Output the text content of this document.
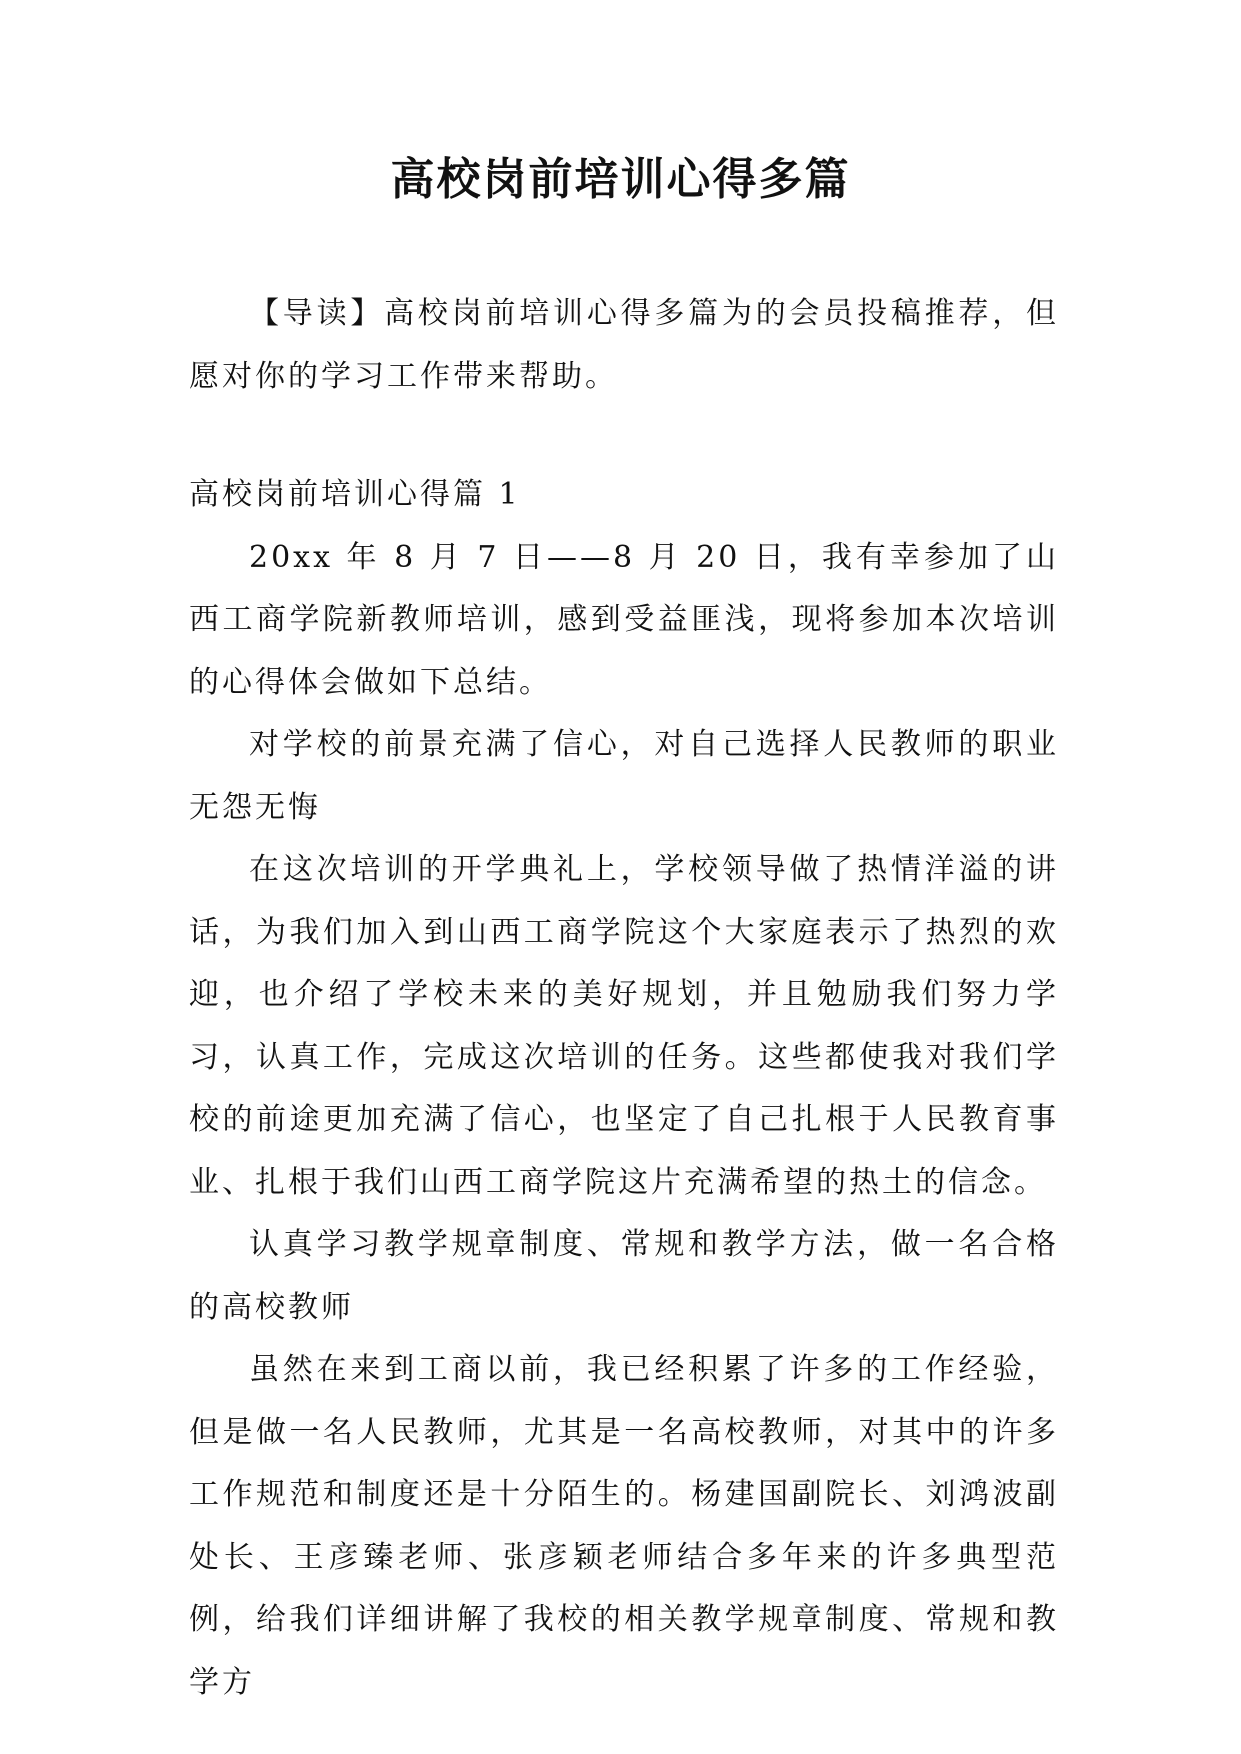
高校岗前培训心得多篇

【导读】高校岗前培训心得多篇为的会员投稿推荐，但愿对你的学习工作带来帮助。

高校岗前培训心得篇 1

20xx 年 8 月 7 日——8 月 20 日，我有幸参加了山西工商学院新教师培训，感到受益匪浅，现将参加本次培训的心得体会做如下总结。

对学校的前景充满了信心，对自己选择人民教师的职业无怨无悔

在这次培训的开学典礼上，学校领导做了热情洋溢的讲话，为我们加入到山西工商学院这个大家庭表示了热烈的欢迎，也介绍了学校未来的美好规划，并且勉励我们努力学习，认真工作，完成这次培训的任务。这些都使我对我们学校的前途更加充满了信心，也坚定了自己扎根于人民教育事业、扎根于我们山西工商学院这片充满希望的热土的信念。

认真学习教学规章制度、常规和教学方法，做一名合格的高校教师

虽然在来到工商以前，我已经积累了许多的工作经验，但是做一名人民教师，尤其是一名高校教师，对其中的许多工作规范和制度还是十分陌生的。杨建国副院长、刘鸿波副处长、王彦臻老师、张彦颖老师结合多年来的许多典型范例，给我们详细讲解了我校的相关教学规章制度、常规和教学方
